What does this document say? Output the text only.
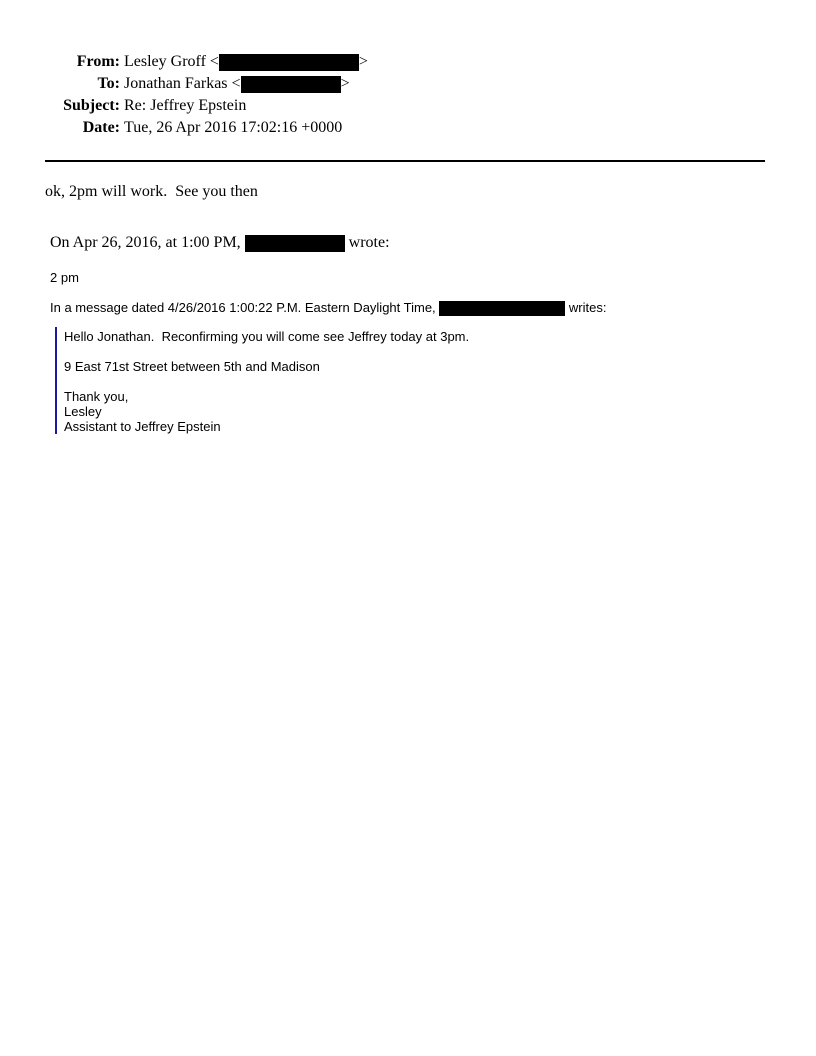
From: Lesley Groff <	>
To: Jonathan Farkas <	>
Subject: Re: Jeffrey Epstein
Date: Tue, 26 Apr 2016 17:02:16 +0000
ok, 2pm will work.  See you then
On Apr 26, 2016, at 1:00 PM,	wrote:
2 pm
In a message dated 4/26/2016 1:00:22 P.M. Eastern Daylight Time,	writes:
Hello Jonathan.  Reconfirming you will come see Jeffrey today at 3pm.
9 East 71st Street between 5th and Madison
Thank you,
Lesley
Assistant to Jeffrey Epstein
